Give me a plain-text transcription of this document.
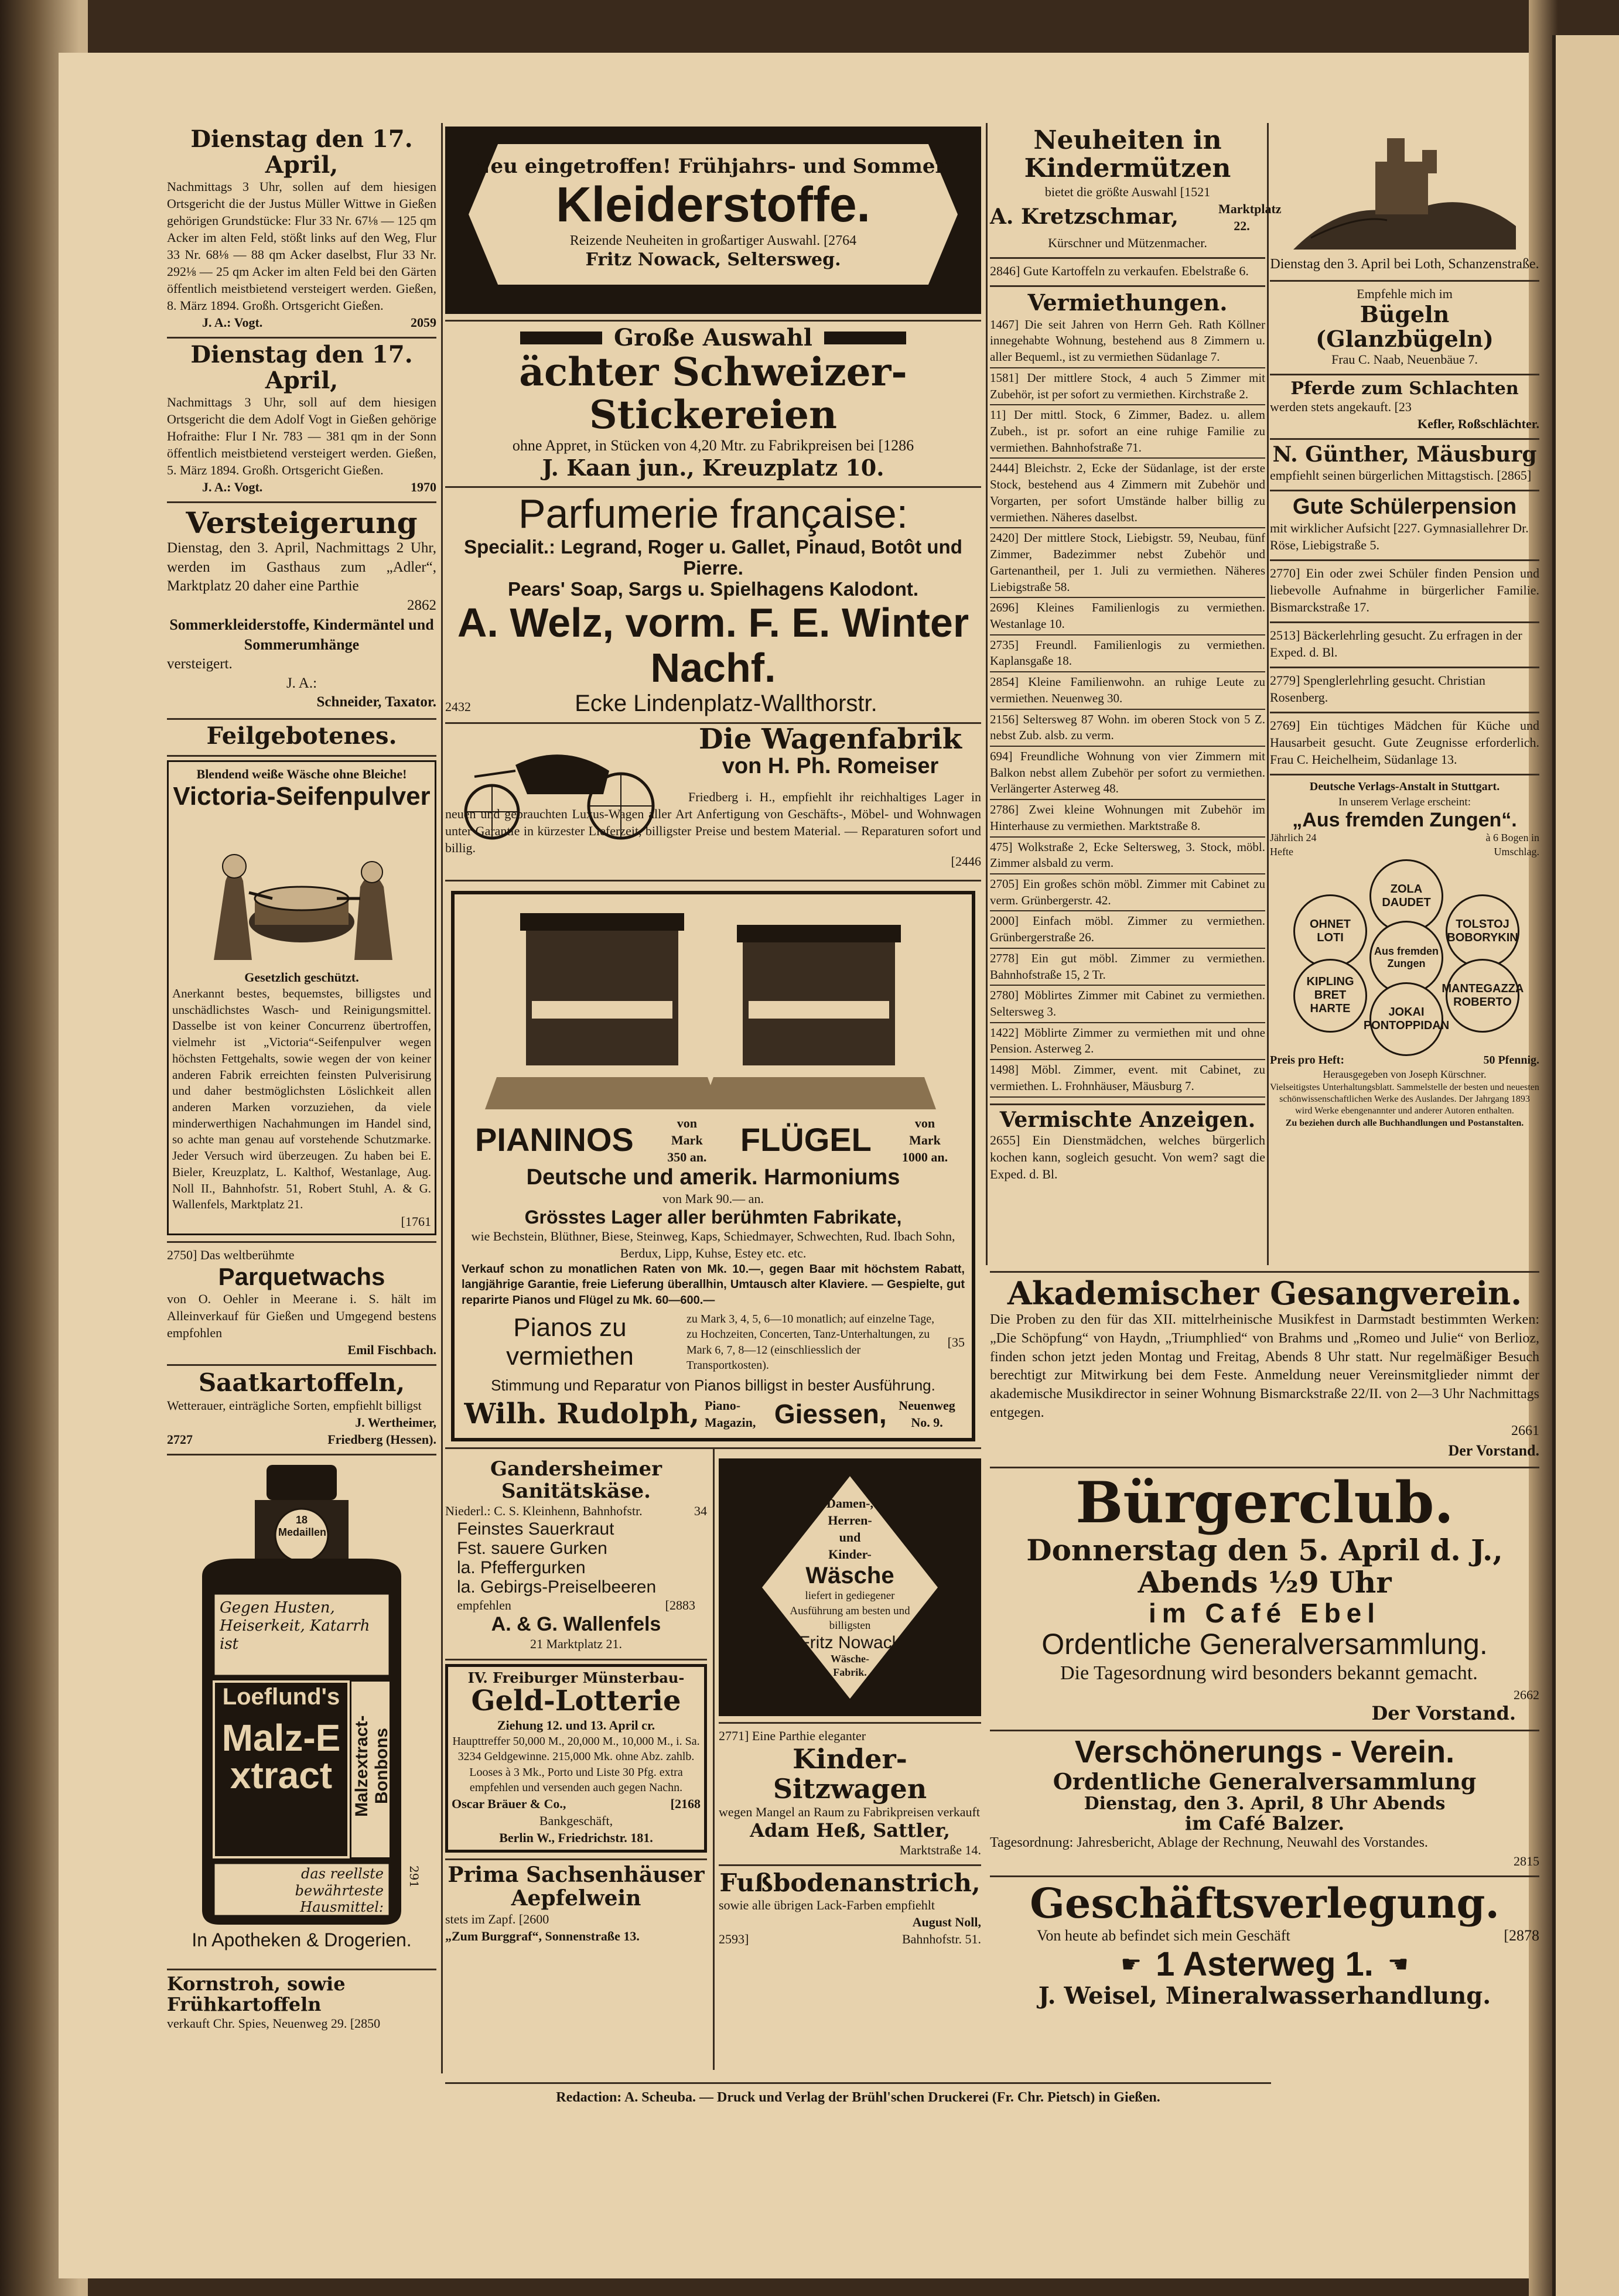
Dienstag den 17. April,
Nachmittags 3 Uhr, sollen auf dem hiesigen Ortsgericht die der Justus Müller Wittwe in Gießen gehörigen Grundstücke: Flur 33 Nr. 67⅛ — 125 qm Acker im alten Feld, stößt links auf den Weg, Flur 33 Nr. 68⅛ — 88 qm Acker daselbst, Flur 33 Nr. 292⅛ — 25 qm Acker im alten Feld bei den Gärten öffentlich meistbietend versteigert werden. Gießen, 8. März 1894. Großh. Ortsgericht Gießen.
J. A.: Vogt.	2059
Dienstag den 17. April,
Nachmittags 3 Uhr, soll auf dem hiesigen Ortsgericht die dem Adolf Vogt in Gießen gehörige Hofraithe: Flur I Nr. 783 — 381 qm in der Sonn öffentlich meistbietend versteigert werden. Gießen, 5. März 1894. Großh. Ortsgericht Gießen.
J. A.: Vogt.	1970
Versteigerung
Dienstag, den 3. April, Nachmittags 2 Uhr, werden im Gasthaus zum „Adler“, Marktplatz 20 daher eine Parthie
2862
Sommerkleiderstoffe, Kindermäntel und Sommerumhänge
versteigert.
J. A.:
Schneider, Taxator.
Feilgebotenes.
Blendend weiße Wäsche ohne Bleiche!
Victoria-Seifenpulver
Gesetzlich geschützt.
Anerkannt bestes, bequemstes, billigstes und unschädlichstes Wasch- und Reinigungsmittel. Dasselbe ist von keiner Concurrenz übertroffen, vielmehr ist „Victoria“-Seifenpulver wegen höchsten Fettgehalts, sowie wegen der von keiner anderen Fabrik erreichten feinsten Pulverisirung und daher bestmöglichsten Löslichkeit allen anderen Marken vorzuziehen, da viele minderwerthigen Nachahmungen im Handel sind, so achte man genau auf vorstehende Schutzmarke. Jeder Versuch wird überzeugen. Zu haben bei E. Bieler, Kreuzplatz, L. Kalthof, Westanlage, Aug. Noll II., Bahnhofstr. 51, Robert Stuhl, A. & G. Wallenfels, Marktplatz 21.
[1761
2750] Das weltberühmte
Parquetwachs
von O. Oehler in Meerane i. S. hält im Alleinverkauf für Gießen und Umgegend bestens empfohlen
Emil Fischbach.
Saatkartoffeln,
Wetterauer, einträgliche Sorten, empfiehlt billigst
J. Wertheimer,
2727	Friedberg (Hessen).
18 Medaillen
Gegen Husten, Heiserkeit, Katarrh ist
Loeflund's
Malz-Extract	Malzextract-Bonbons
das reellste bewährteste Hausmittel:
291
In Apotheken & Drogerien.
Kornstroh, sowie Frühkartoffeln
verkauft Chr. Spies, Neuenweg 29. [2850
Neu eingetroffen! Frühjahrs- und Sommer-
Kleiderstoffe.
Reizende Neuheiten in großartiger Auswahl. [2764
Fritz Nowack, Seltersweg.
Große Auswahl
ächter Schweizer-Stickereien
ohne Appret, in Stücken von 4,20 Mtr. zu Fabrikpreisen bei [1286
J. Kaan jun., Kreuzplatz 10.
Parfumerie française:
Specialit.: Legrand, Roger u. Gallet, Pinaud, Botôt und Pierre.
Pears' Soap, Sargs u. Spielhagens Kalodont.
A. Welz, vorm. F. E. Winter Nachf.
2432	Ecke Lindenplatz-Wallthorstr.
Die Wagenfabrik
von H. Ph. Romeiser
Friedberg i. H., empfiehlt ihr reichhaltiges Lager in neuen und gebrauchten Luxus-Wagen aller Art Anfertigung von Geschäfts-, Möbel- und Wohnwagen unter Garantie in kürzester Lieferzeit, billigster Preise und bestem Material. — Reparaturen sofort und billig.
[2446
PIANINOS	von Mark 350 an. FLÜGEL	von Mark 1000 an.
Deutsche und amerik. Harmoniums
von Mark 90.— an.
Grösstes Lager aller berühmten Fabrikate,
wie Bechstein, Blüthner, Biese, Steinweg, Kaps, Schiedmayer, Schwechten, Rud. Ibach Sohn, Berdux, Lipp, Kuhse, Estey etc. etc.
Verkauf schon zu monatlichen Raten von Mk. 10.—, gegen Baar mit höchstem Rabatt, langjährige Garantie, freie Lieferung überallhin, Umtausch alter Klaviere. — Gespielte, gut reparirte Pianos und Flügel zu Mk. 60—600.—
Pianos zu vermiethen
zu Mark 3, 4, 5, 6—10 monatlich; auf einzelne Tage, zu Hochzeiten, Concerten, Tanz-Unterhaltungen, zu Mark 6, 7, 8—12 (einschliesslich der Transportkosten).
[35
Stimmung und Reparatur von Pianos billigst in bester Ausführung.
Wilh. Rudolph, Piano-Magazin, Giessen, Neuenweg No. 9.
Gandersheimer Sanitätskäse.
Niederl.: C. S. Kleinhenn, Bahnhofstr.	34
Feinstes Sauerkraut
Fst. sauere Gurken
la. Pfeffergurken
la. Gebirgs-Preiselbeeren
empfehlen	[2883
A. & G. Wallenfels
21 Marktplatz 21.
IV. Freiburger Münsterbau-
Geld-Lotterie
Ziehung 12. und 13. April cr.
Haupttreffer 50,000 M., 20,000 M., 10,000 M., i. Sa. 3234 Geldgewinne. 215,000 Mk. ohne Abz. zahlb. Looses à 3 Mk., Porto und Liste 30 Pfg. extra empfehlen und versenden auch gegen Nachn.
Oscar Bräuer & Co.,	[2168
Bankgeschäft,
Berlin W., Friedrichstr. 181.
Prima Sachsenhäuser Aepfelwein
stets im Zapf. [2600
„Zum Burggraf“, Sonnenstraße 13.
Damen-, Herren- und Kinder-
Wäsche
liefert in gediegener Ausführung am besten und billigsten
Fritz Nowack
Wäsche-Fabrik.
2771] Eine Parthie eleganter
Kinder-Sitzwagen
wegen Mangel an Raum zu Fabrikpreisen verkauft
Adam Heß, Sattler,
Marktstraße 14.
Fußbodenanstrich,
sowie alle übrigen Lack-Farben empfiehlt
August Noll,
2593]	Bahnhofstr. 51.
Neuheiten in Kindermützen
bietet die größte Auswahl [1521
A. Kretzschmar,	Marktplatz 22.
Kürschner und Mützenmacher.
2846] Gute Kartoffeln zu verkaufen. Ebelstraße 6.
Vermiethungen.
1467] Die seit Jahren von Herrn Geh. Rath Köllner innegehabte Wohnung, bestehend aus 8 Zimmern u. aller Bequeml., ist zu vermiethen Südanlage 7.
1581] Der mittlere Stock, 4 auch 5 Zimmer mit Zubehör, ist per sofort zu vermiethen. Kirchstraße 2.
11] Der mittl. Stock, 6 Zimmer, Badez. u. allem Zubeh., ist pr. sofort an eine ruhige Familie zu vermiethen. Bahnhofstraße 71.
2444] Bleichstr. 2, Ecke der Südanlage, ist der erste Stock, bestehend aus 4 Zimmern mit Zubehör und Vorgarten, per sofort Umstände halber billig zu vermiethen. Näheres daselbst.
2420] Der mittlere Stock, Liebigstr. 59, Neubau, fünf Zimmer, Badezimmer nebst Zubehör und Gartenantheil, per 1. Juli zu vermiethen. Näheres Liebigstraße 58.
2696] Kleines Familienlogis zu vermiethen. Westanlage 10.
2735] Freundl. Familienlogis zu vermiethen. Kaplansgaße 18.
2854] Kleine Familienwohn. an ruhige Leute zu vermiethen. Neuenweg 30.
2156] Seltersweg 87 Wohn. im oberen Stock von 5 Z. nebst Zub. alsb. zu verm.
694] Freundliche Wohnung von vier Zimmern mit Balkon nebst allem Zubehör per sofort zu vermiethen. Verlängerter Asterweg 48.
2786] Zwei kleine Wohnungen mit Zubehör im Hinterhause zu vermiethen. Marktstraße 8.
475] Wolkstraße 2, Ecke Seltersweg, 3. Stock, möbl. Zimmer alsbald zu verm.
2705] Ein großes schön möbl. Zimmer mit Cabinet zu verm. Grünbergerstr. 42.
2000] Einfach möbl. Zimmer zu vermiethen. Grünbergerstraße 26.
2778] Ein gut möbl. Zimmer zu vermiethen. Bahnhofstraße 15, 2 Tr.
2780] Möblirtes Zimmer mit Cabinet zu vermiethen. Seltersweg 3.
1422] Möblirte Zimmer zu vermiethen mit und ohne Pension. Asterweg 2.
1498] Möbl. Zimmer, event. mit Cabinet, zu vermiethen. L. Frohnhäuser, Mäusburg 7.
Vermischte Anzeigen.
2655] Ein Dienstmädchen, welches bürgerlich kochen kann, sogleich gesucht. Von wem? sagt die Exped. d. Bl.
Dienstag den 3. April bei Loth, Schanzenstraße.
Empfehle mich im
Bügeln (Glanzbügeln)
Frau C. Naab, Neuenbäue 7.
Pferde zum Schlachten
werden stets angekauft. [23
Kefler, Roßschlächter.
N. Günther, Mäusburg
empfiehlt seinen bürgerlichen Mittagstisch. [2865]
Gute Schülerpension
mit wirklicher Aufsicht [227. Gymnasiallehrer Dr. Röse, Liebigstraße 5.
2770] Ein oder zwei Schüler finden Pension und liebevolle Aufnahme in bürgerlicher Familie. Bismarckstraße 17.
2513] Bäckerlehrling gesucht. Zu erfragen in der Exped. d. Bl.
2779] Spenglerlehrling gesucht. Christian Rosenberg.
2769] Ein tüchtiges Mädchen für Küche und Hausarbeit gesucht. Gute Zeugnisse erforderlich. Frau C. Heichelheim, Südanlage 13.
Deutsche Verlags-Anstalt in Stuttgart.
In unserem Verlage erscheint:
„Aus fremden Zungen“.
Jährlich 24 Hefte
à 6 Bogen in Umschlag.
ZOLA DAUDET
OHNET LOTI
TOLSTOJ BOBORYKIN
Aus fremden Zungen
KIPLING BRET HARTE
MANTEGAZZA ROBERTO
JOKAI PONTOPPIDAN
Preis pro Heft:	50 Pfennig.
Herausgegeben von Joseph Kürschner.
Vielseitigstes Unterhaltungsblatt. Sammelstelle der besten und neuesten schönwissenschaftlichen Werke des Auslandes. Der Jahrgang 1893 wird Werke ebengenannter und anderer Autoren enthalten.
Zu beziehen durch alle Buchhandlungen und Postanstalten.
Akademischer Gesangverein.
Die Proben zu den für das XII. mittelrheinische Musikfest in Darmstadt bestimmten Werken: „Die Schöpfung“ von Haydn, „Triumphlied“ von Brahms und „Romeo und Julie“ von Berlioz, finden schon jetzt jeden Montag und Freitag, Abends 8 Uhr statt. Nur regelmäßiger Besuch berechtigt zur Mitwirkung bei dem Feste. Anmeldung neuer Vereinsmitglieder nimmt der akademische Musikdirector in seiner Wohnung Bismarckstraße 22/II. von 2—3 Uhr Nachmittags entgegen.
2661
Der Vorstand.
Bürgerclub.
Donnerstag den 5. April d. J.,
Abends ½9 Uhr
im Café Ebel
Ordentliche Generalversammlung.
Die Tagesordnung wird besonders bekannt gemacht.
2662
Der Vorstand.
Verschönerungs - Verein.
Ordentliche Generalversammlung
Dienstag, den 3. April, 8 Uhr Abends
im Café Balzer.
Tagesordnung: Jahresbericht, Ablage der Rechnung, Neuwahl des Vorstandes.
2815
Geschäftsverlegung.
Von heute ab befindet sich mein Geschäft	[2878
☛ 1 Asterweg 1. ☛
J. Weisel, Mineralwasserhandlung.
Redaction: A. Scheuba. — Druck und Verlag der Brühl'schen Druckerei (Fr. Chr. Pietsch) in Gießen.
